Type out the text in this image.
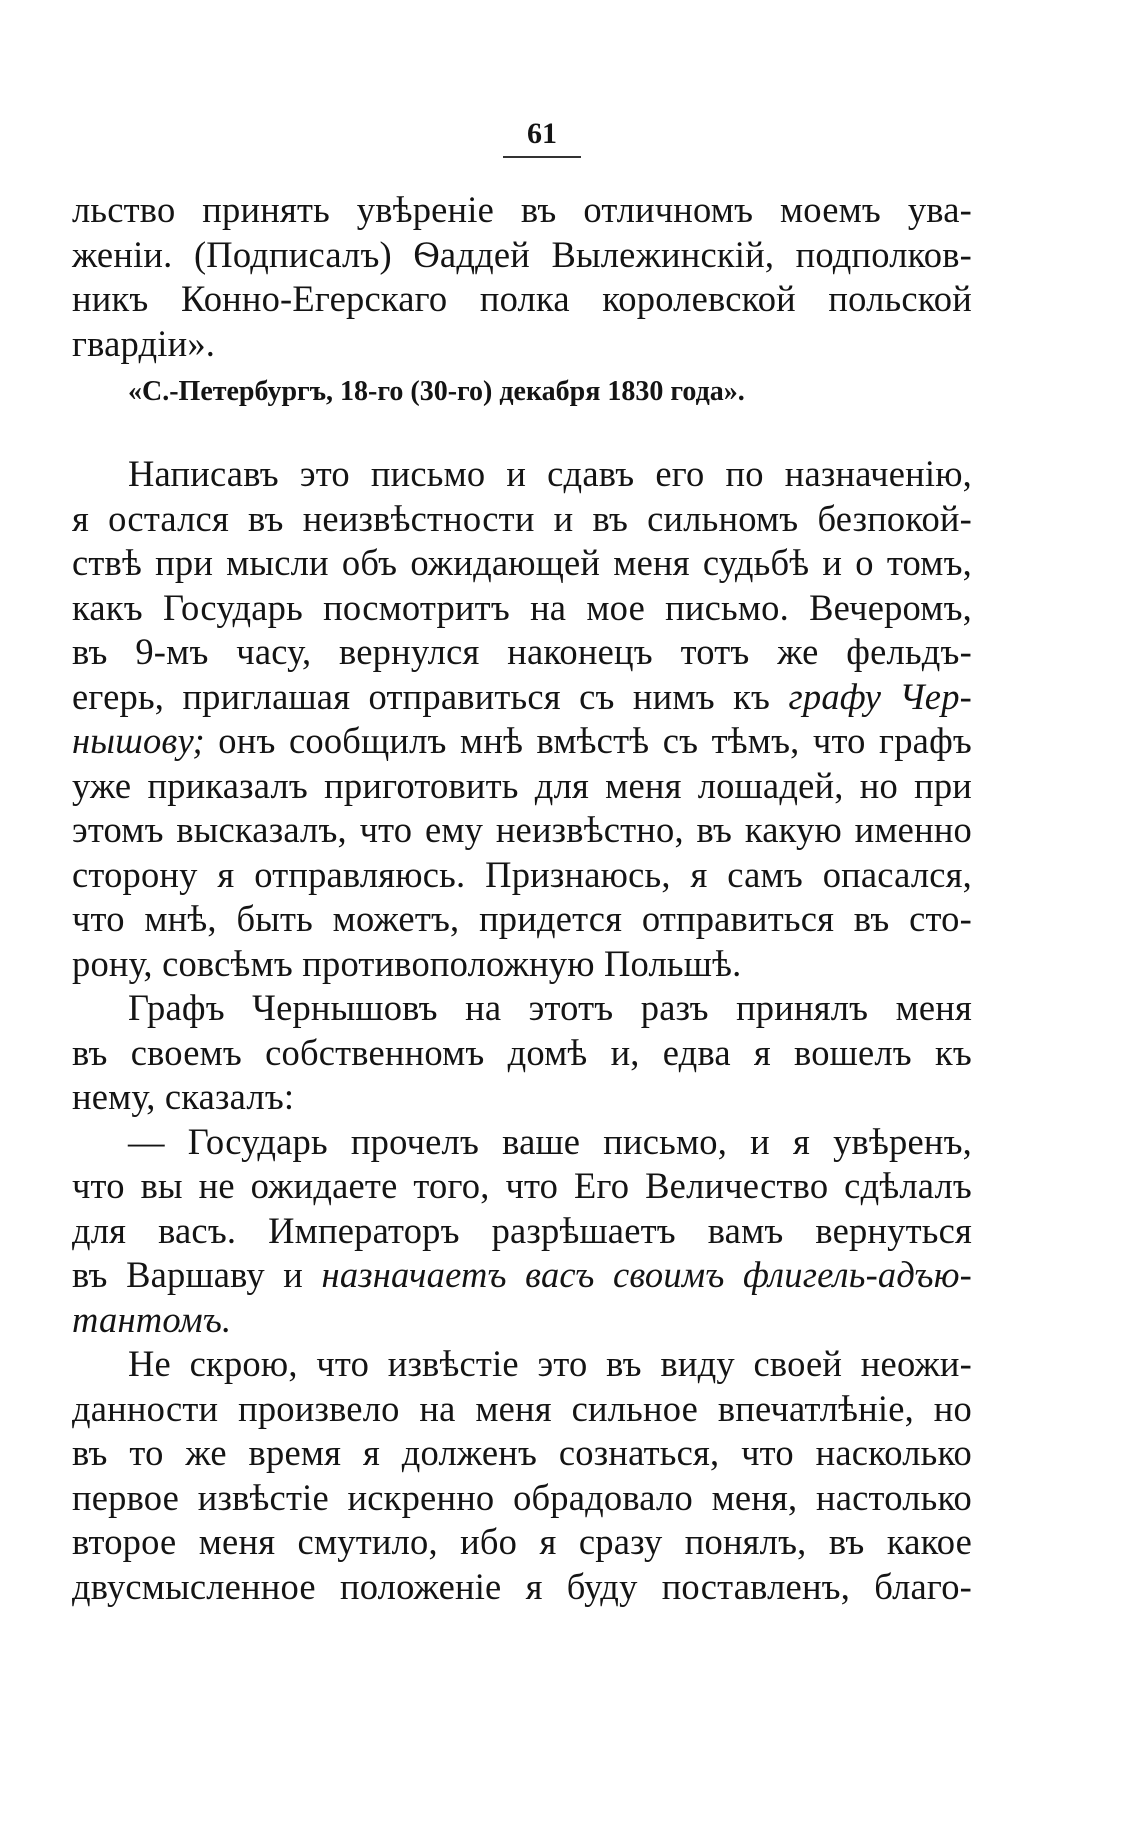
61
льство принять увѣреніе въ отличномъ моемъ ува-
женіи. (Подписалъ) Ѳаддей Вылежинскій, подполков-
никъ Конно-Егерскаго полка королевской польской
гвардіи».
«С.-Петербургъ, 18-го (30-го) декабря 1830 года».
Написавъ это письмо и сдавъ его по назначенію,
я остался въ неизвѣстности и въ сильномъ безпокой-
ствѣ при мысли объ ожидающей меня судьбѣ и о томъ,
какъ Государь посмотритъ на мое письмо. Вечеромъ,
въ 9-мъ часу, вернулся наконецъ тотъ же фельдъ-
егерь, приглашая отправиться съ нимъ къ графу Чер-
нышову; онъ сообщилъ мнѣ вмѣстѣ съ тѣмъ, что графъ
уже приказалъ приготовить для меня лошадей, но при
этомъ высказалъ, что ему неизвѣстно, въ какую именно
сторону я отправляюсь. Признаюсь, я самъ опасался,
что мнѣ, быть можетъ, придется отправиться въ сто-
рону, совсѣмъ противоположную Польшѣ.
Графъ Чернышовъ на этотъ разъ принялъ меня
въ своемъ собственномъ домѣ и, едва я вошелъ къ
нему, сказалъ:
— Государь прочелъ ваше письмо, и я увѣренъ,
что вы не ожидаете того, что Его Величество сдѣлалъ
для васъ. Императоръ разрѣшаетъ вамъ вернуться
въ Варшаву и назначаетъ васъ своимъ флигель-адъю-
тантомъ.
Не скрою, что извѣстіе это въ виду своей неожи-
данности произвело на меня сильное впечатлѣніе, но
въ то же время я долженъ сознаться, что насколько
первое извѣстіе искренно обрадовало меня, настолько
второе меня смутило, ибо я сразу понялъ, въ какое
двусмысленное положеніе я буду поставленъ, благо-
